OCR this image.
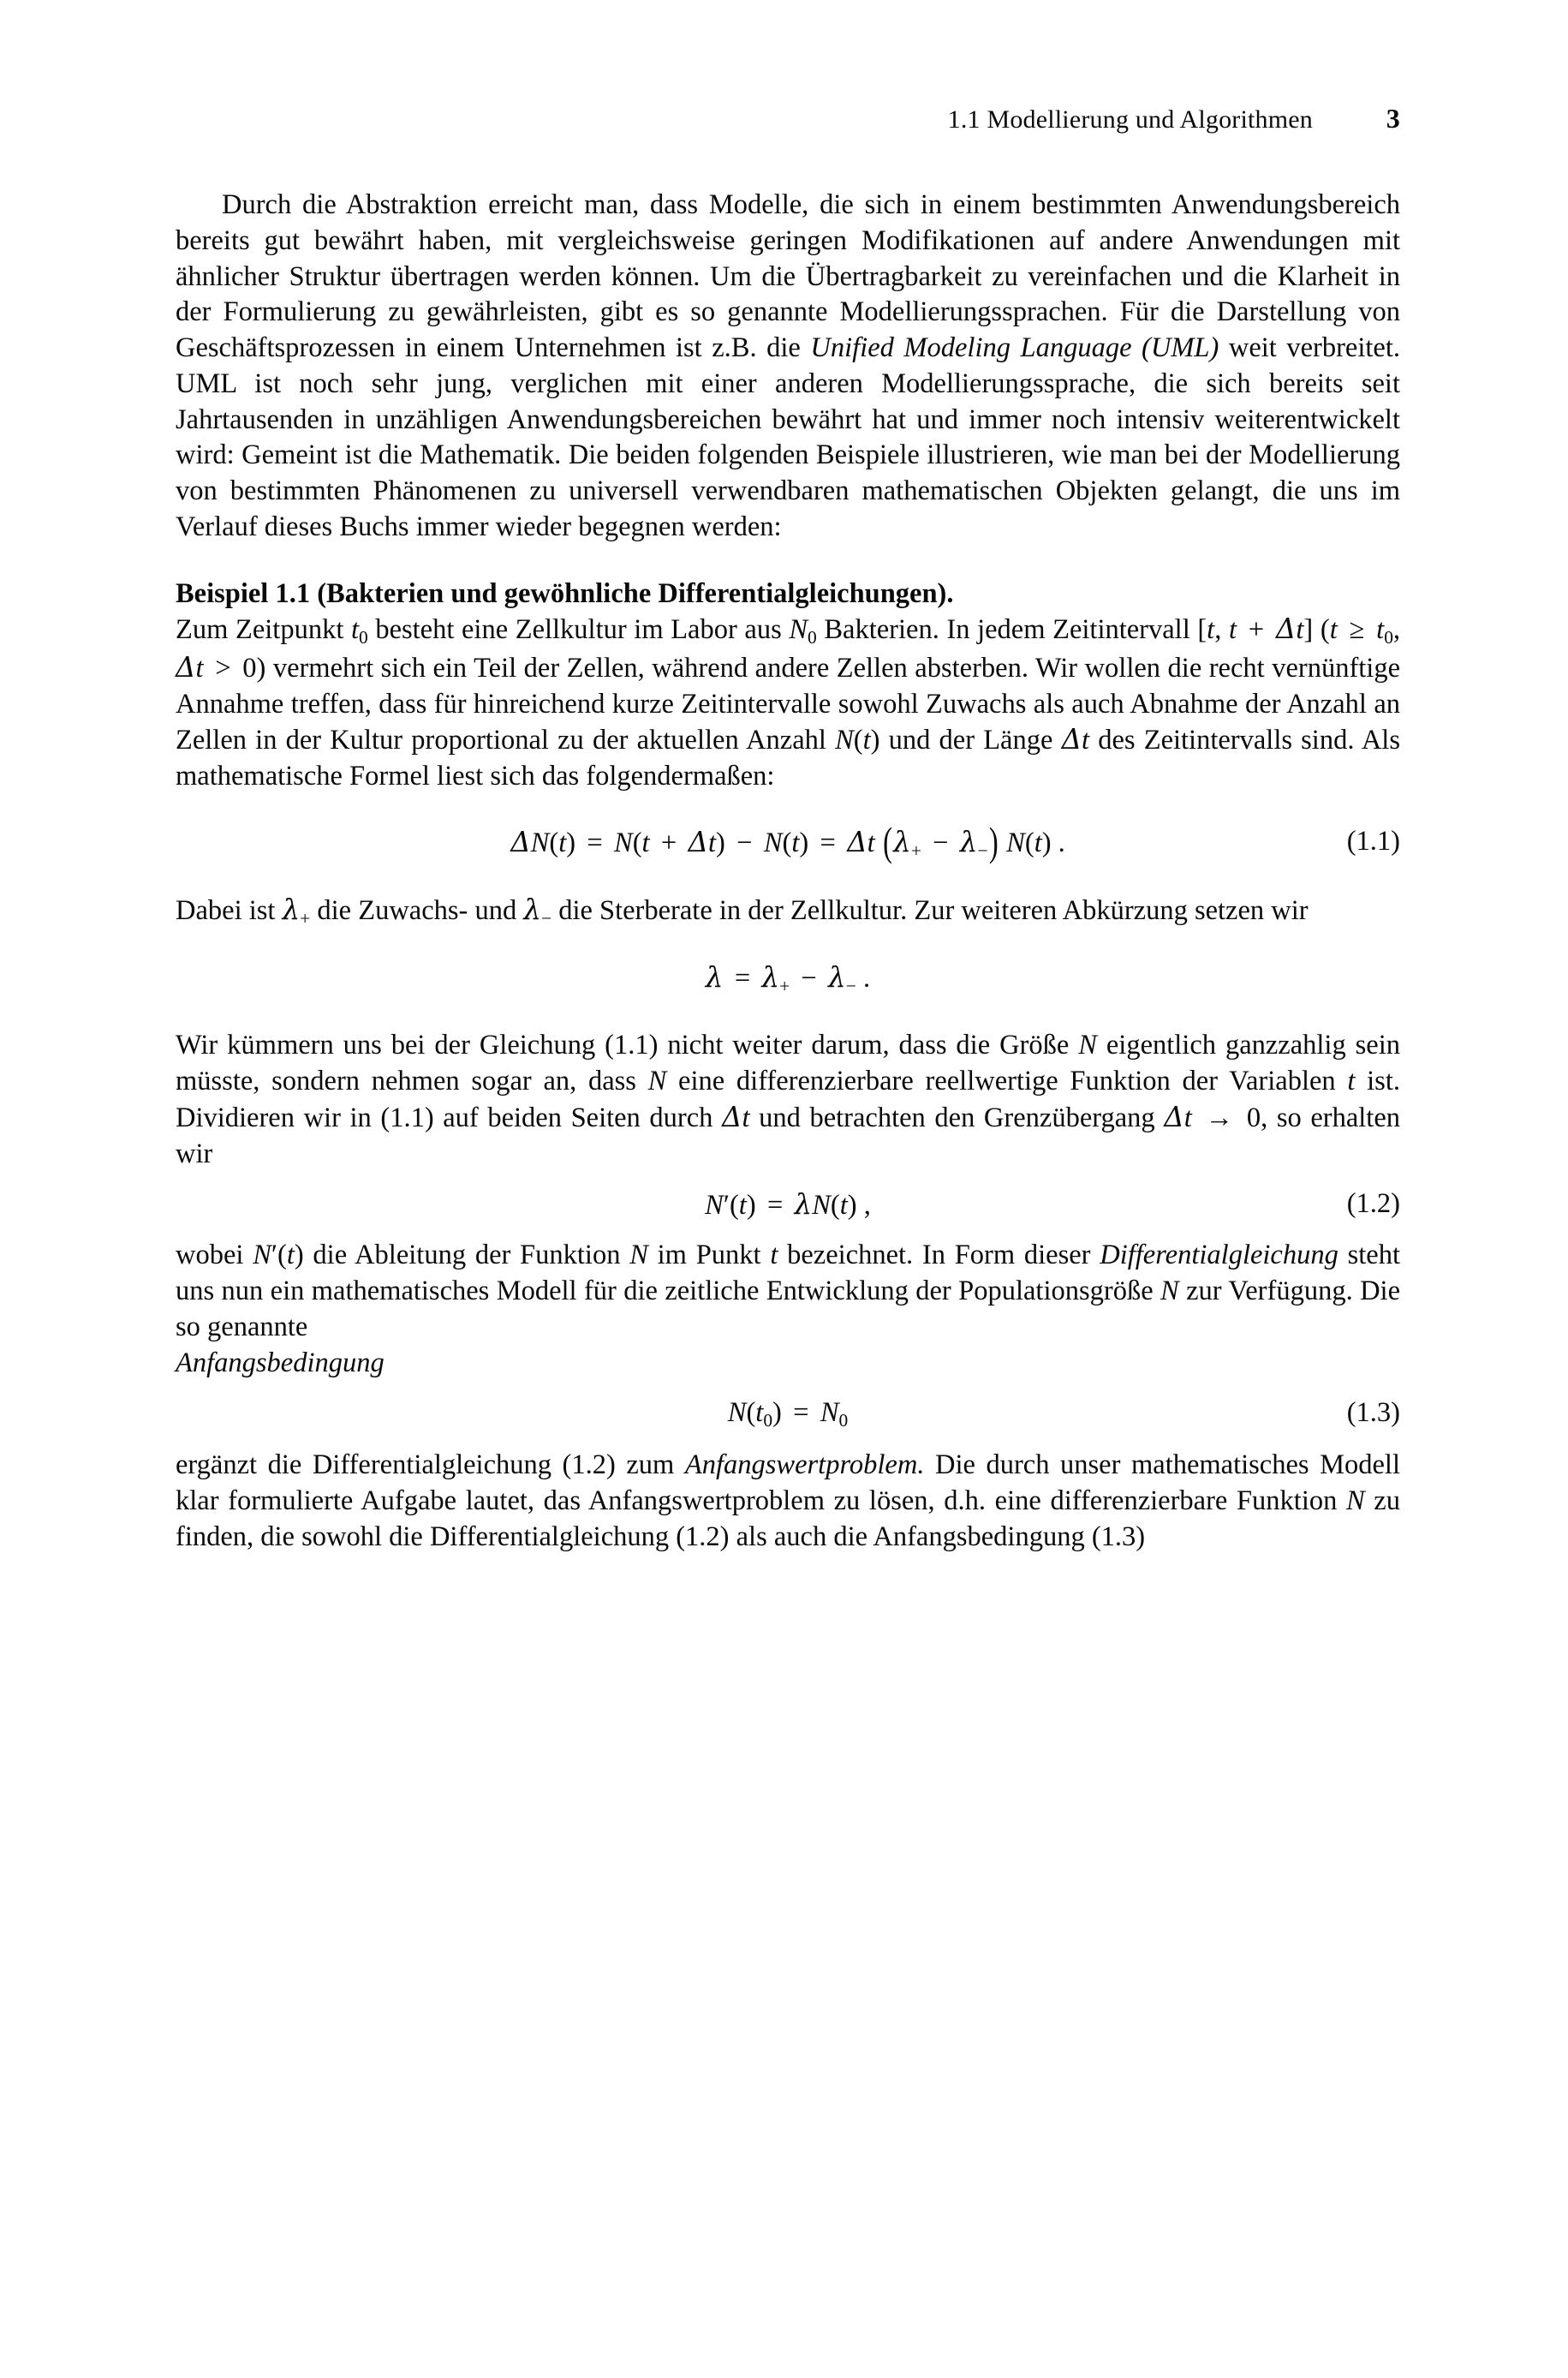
1.1 Modellierung und Algorithmen	3

Durch die Abstraktion erreicht man, dass Modelle, die sich in einem bestimmten Anwendungsbereich bereits gut bewährt haben, mit vergleichsweise geringen Modifikationen auf andere Anwendungen mit ähnlicher Struktur übertragen werden können. Um die Übertragbarkeit zu vereinfachen und die Klarheit in der Formulierung zu gewährleisten, gibt es so genannte Modellierungssprachen. Für die Darstellung von Geschäftsprozessen in einem Unternehmen ist z.B. die Unified Modeling Language (UML) weit verbreitet. UML ist noch sehr jung, verglichen mit einer anderen Modellierungssprache, die sich bereits seit Jahrtausenden in unzähligen Anwendungsbereichen bewährt hat und immer noch intensiv weiterentwickelt wird: Gemeint ist die Mathematik. Die beiden folgenden Beispiele illustrieren, wie man bei der Modellierung von bestimmten Phänomenen zu universell verwendbaren mathematischen Objekten gelangt, die uns im Verlauf dieses Buchs immer wieder begegnen werden:

Beispiel 1.1 (Bakterien und gewöhnliche Differentialgleichungen).

Zum Zeitpunkt $t_0$ besteht eine Zellkultur im Labor aus $N_0$ Bakterien. In jedem Zeitintervall [t, t + Δt] ($t \ge t_0$, Δt > 0) vermehrt sich ein Teil der Zellen, während andere Zellen absterben. Wir wollen die recht vernünftige Annahme treffen, dass für hinreichend kurze Zeitintervalle sowohl Zuwachs als auch Abnahme der Anzahl an Zellen in der Kultur proportional zu der aktuellen Anzahl N(t) und der Länge Δt des Zeitintervalls sind. Als mathematische Formel liest sich das folgendermaßen:

ΔN(t) = N(t + Δt) − N(t) = Δt $(\lambda_+ - \lambda_-)$ N(t) .	(1.1)

Dabei ist $\lambda_+$ die Zuwachs- und $\lambda_-$ die Sterberate in der Zellkultur. Zur weiteren Abkürzung setzen wir

$\lambda = \lambda_+ - \lambda_-$ .

Wir kümmern uns bei der Gleichung (1.1) nicht weiter darum, dass die Größe N eigentlich ganzzahlig sein müsste, sondern nehmen sogar an, dass N eine differenzierbare reellwertige Funktion der Variablen t ist. Dividieren wir in (1.1) auf beiden Seiten durch Δt und betrachten den Grenzübergang Δt → 0, so erhalten wir

N′(t) = λN(t) ,	(1.2)

wobei N′(t) die Ableitung der Funktion N im Punkt t bezeichnet. In Form dieser Differentialgleichung steht uns nun ein mathematisches Modell für die zeitliche Entwicklung der Populationsgröße N zur Verfügung. Die so genannte
Anfangsbedingung

$N(t_0) = N_0$	(1.3)

ergänzt die Differentialgleichung (1.2) zum Anfangswertproblem. Die durch unser mathematisches Modell klar formulierte Aufgabe lautet, das Anfangswertproblem zu lösen, d.h. eine differenzierbare Funktion N zu finden, die sowohl die Differentialgleichung (1.2) als auch die Anfangsbedingung (1.3)
